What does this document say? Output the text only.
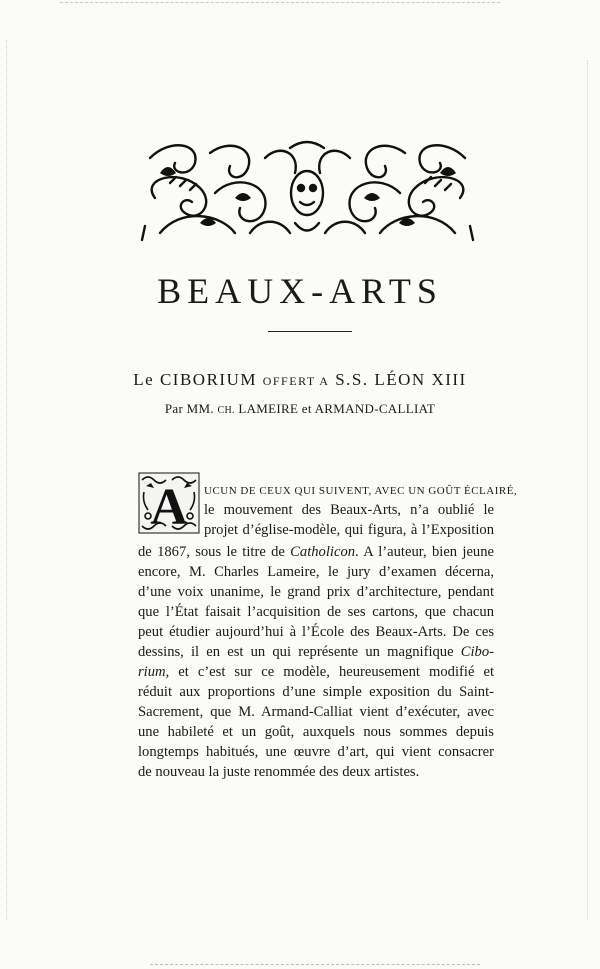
BEAUX-ARTS
Le CIBORIUM OFFERT A S.S. LÉON XIII
Par MM. CH. LAMEIRE et ARMAND-CALLIAT
A UCUN DE CEUX QUI SUIVENT, AVEC UN GOÛT ÉCLAIRÉ,
le mouvement des Beaux-Arts, n’a oublié le
projet d’église-modèle, qui figura, à l’Exposition
de 1867, sous le titre de Catholicon. A l’auteur, bien jeune
encore, M. Charles Lameire, le jury d’examen décerna,
d’une voix unanime, le grand prix d’architecture, pendant
que l’État faisait l’acquisition de ses cartons, que chacun
peut étudier aujourd’hui à l’École des Beaux-Arts. De ces
dessins, il en est un qui représente un magnifique Cibo-
rium, et c’est sur ce modèle, heureusement modifié et
réduit aux proportions d’une simple exposition du Saint-
Sacrement, que M. Armand-Calliat vient d’exécuter, avec
une habileté et un goût, auxquels nous sommes depuis
longtemps habitués, une œuvre d’art, qui vient consacrer
de nouveau la juste renommée des deux artistes.
